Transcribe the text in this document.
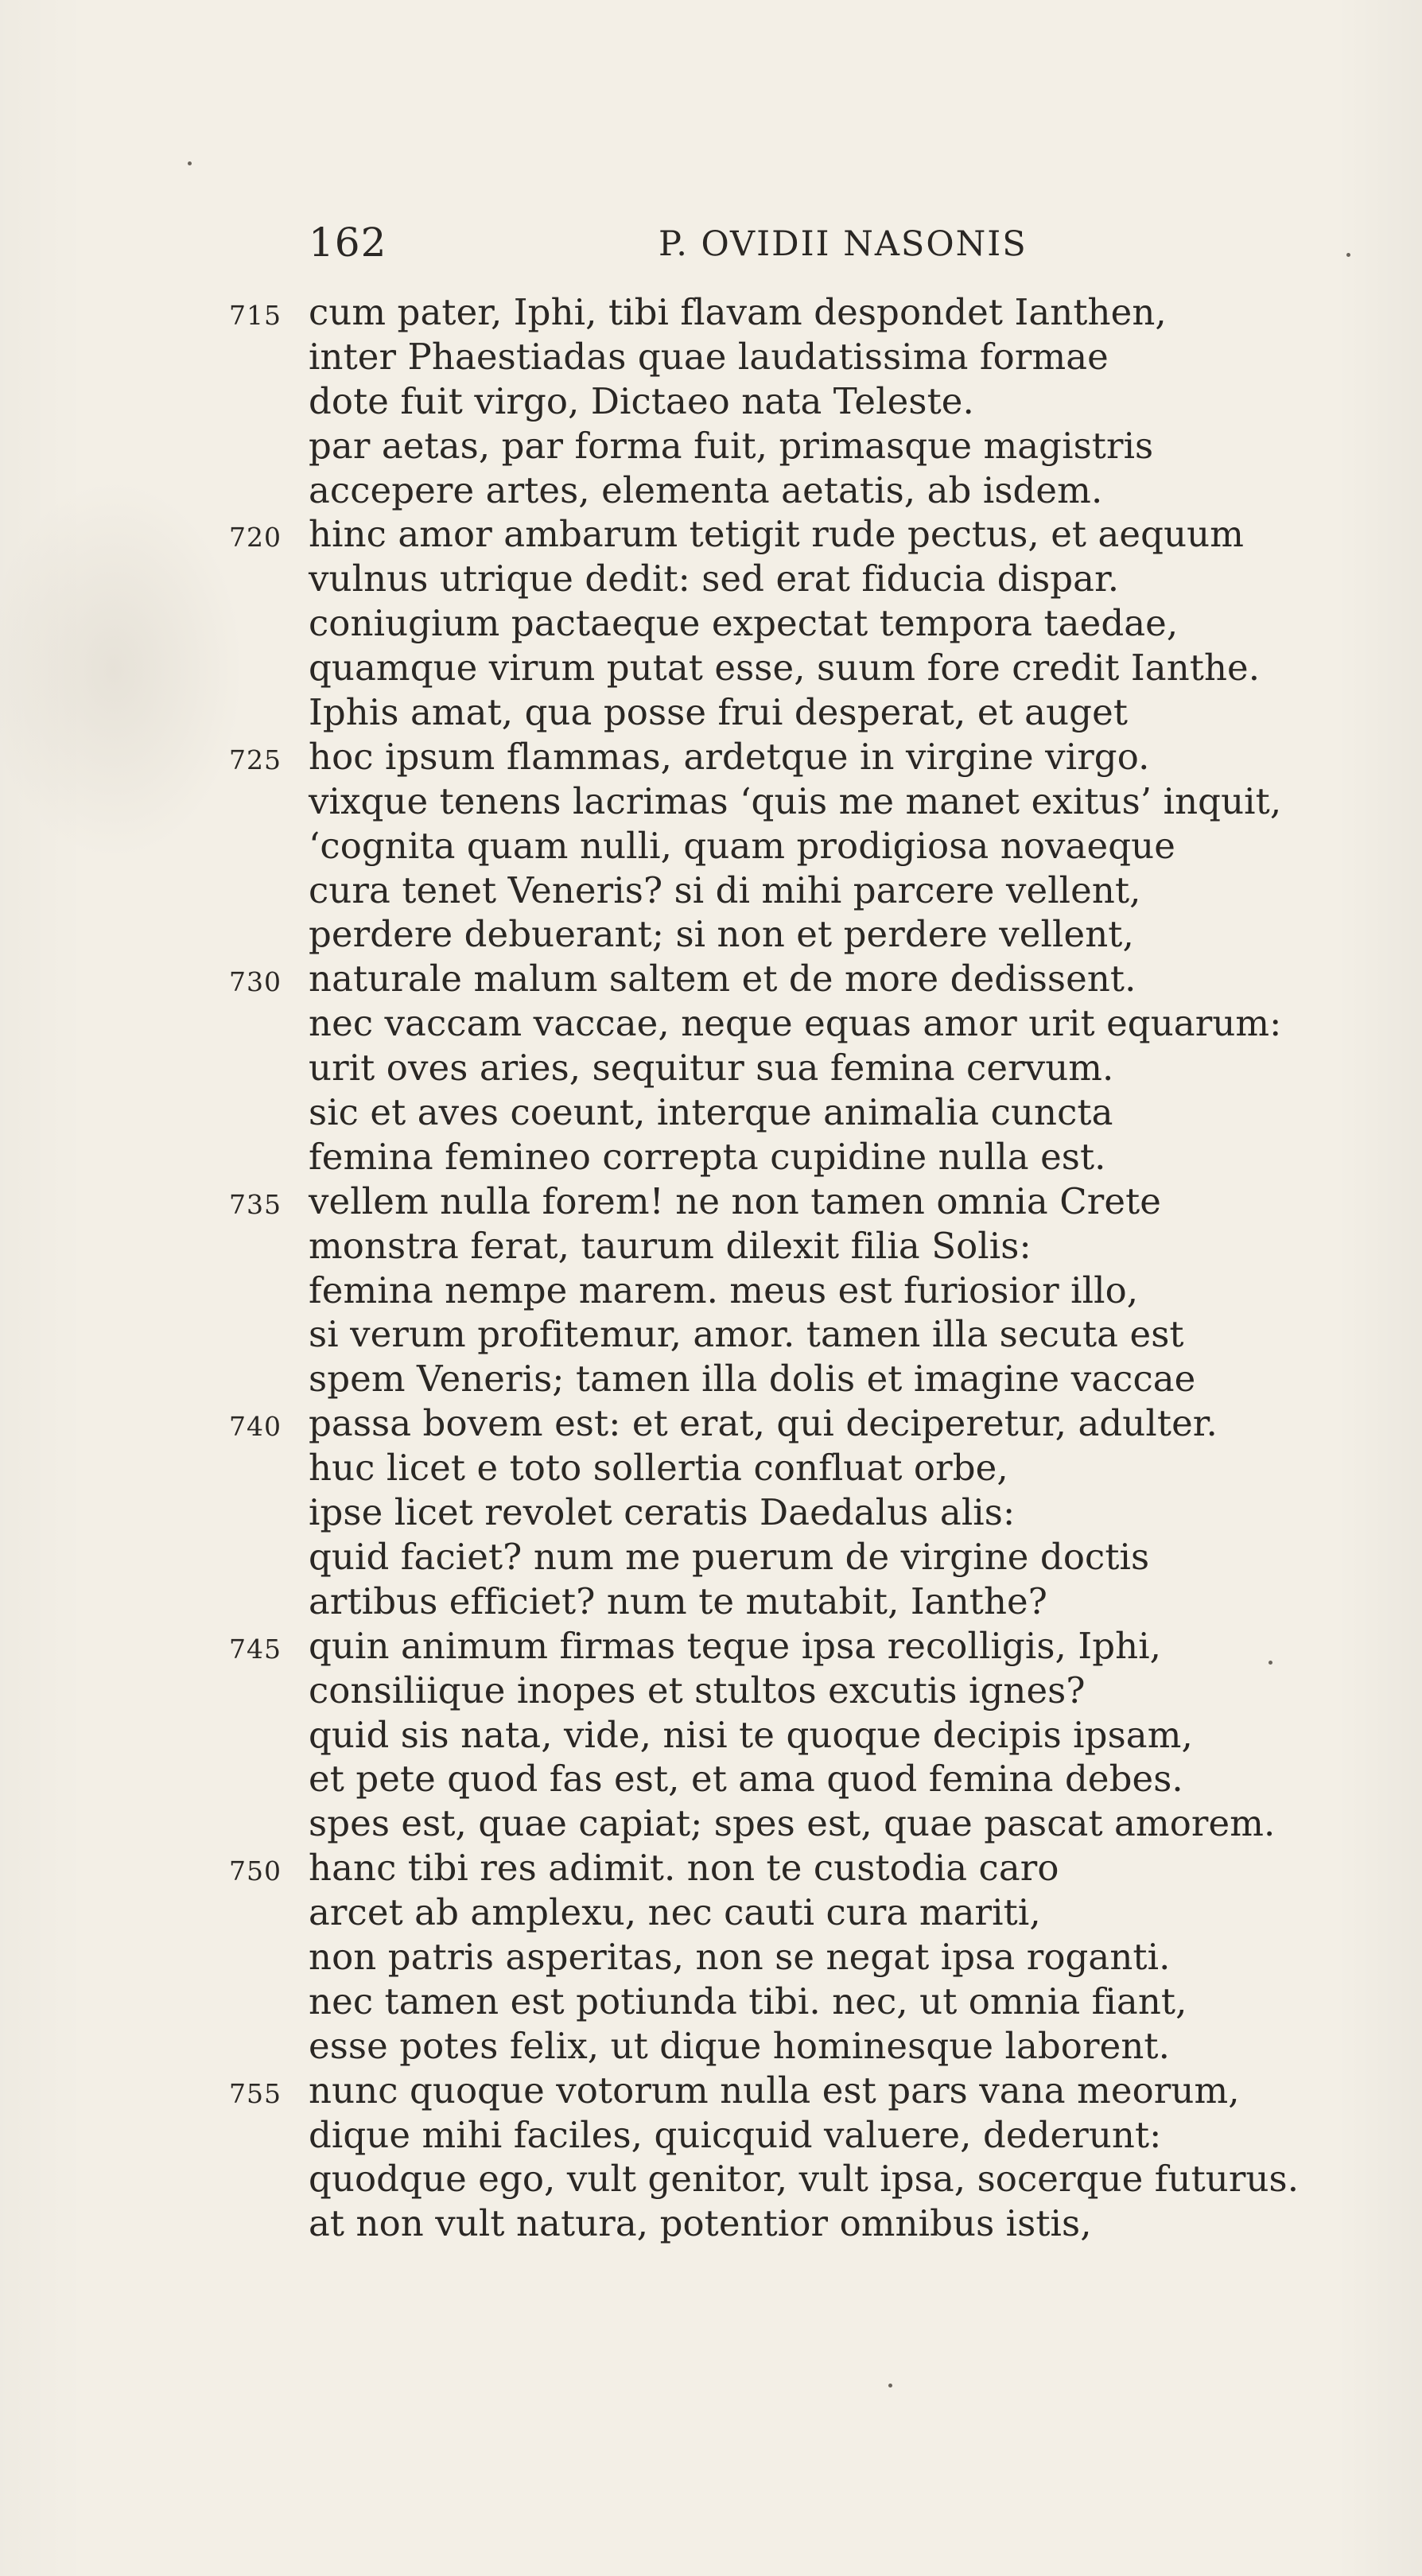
162	P. OVIDII NASONIS
715 cum pater, Iphi, tibi flavam despondet Ianthen,
inter Phaestiadas quae laudatissima formae
dote fuit virgo, Dictaeo nata Teleste.
par aetas, par forma fuit, primasque magistris
accepere artes, elementa aetatis, ab isdem.
720 hinc amor ambarum tetigit rude pectus, et aequum
vulnus utrique dedit: sed erat fiducia dispar.
coniugium pactaeque expectat tempora taedae,
quamque virum putat esse, suum fore credit Ianthe.
Iphis amat, qua posse frui desperat, et auget
725 hoc ipsum flammas, ardetque in virgine virgo.
vixque tenens lacrimas ‘quis me manet exitus’ inquit,
‘cognita quam nulli, quam prodigiosa novaeque
cura tenet Veneris? si di mihi parcere vellent,
perdere debuerant; si non et perdere vellent,
730 naturale malum saltem et de more dedissent.
nec vaccam vaccae, neque equas amor urit equarum:
urit oves aries, sequitur sua femina cervum.
sic et aves coeunt, interque animalia cuncta
femina femineo correpta cupidine nulla est.
735 vellem nulla forem! ne non tamen omnia Crete
monstra ferat, taurum dilexit filia Solis:
femina nempe marem. meus est furiosior illo,
si verum profitemur, amor. tamen illa secuta est
spem Veneris; tamen illa dolis et imagine vaccae
740 passa bovem est: et erat, qui deciperetur, adulter.
huc licet e toto sollertia confluat orbe,
ipse licet revolet ceratis Daedalus alis:
quid faciet? num me puerum de virgine doctis
artibus efficiet? num te mutabit, Ianthe?
745 quin animum firmas teque ipsa recolligis, Iphi,
consiliique inopes et stultos excutis ignes?
quid sis nata, vide, nisi te quoque decipis ipsam,
et pete quod fas est, et ama quod femina debes.
spes est, quae capiat; spes est, quae pascat amorem.
750 hanc tibi res adimit. non te custodia caro
arcet ab amplexu, nec cauti cura mariti,
non patris asperitas, non se negat ipsa roganti.
nec tamen est potiunda tibi. nec, ut omnia fiant,
esse potes felix, ut dique hominesque laborent.
755 nunc quoque votorum nulla est pars vana meorum,
dique mihi faciles, quicquid valuere, dederunt:
quodque ego, vult genitor, vult ipsa, socerque futurus.
at non vult natura, potentior omnibus istis,
